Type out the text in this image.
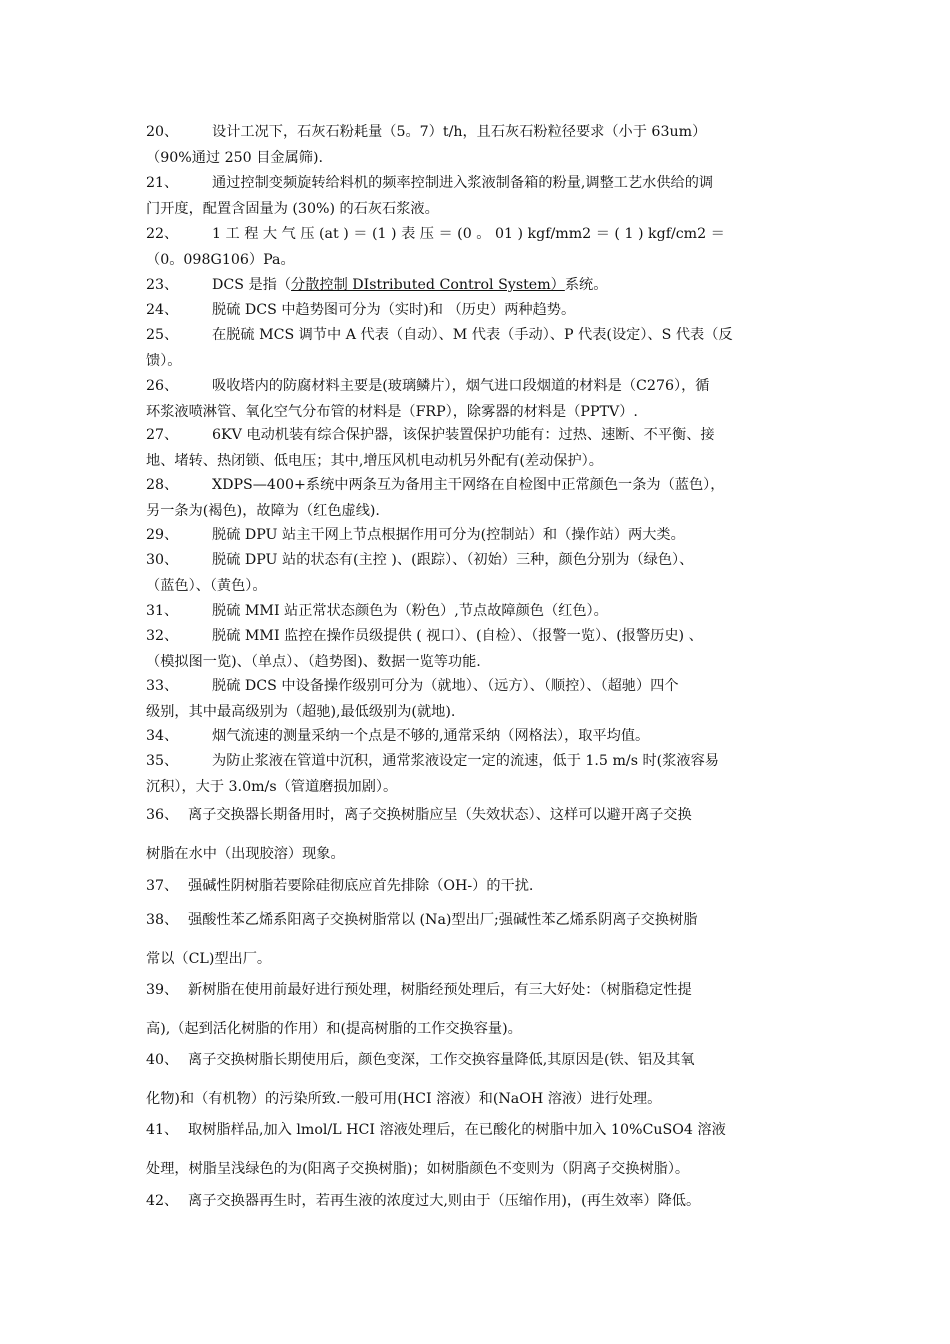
20、 设计工况下，石灰石粉耗量（5。7）t/h，且石灰石粉粒径要求（小于 63um）
（90%通过 250 目金属筛).
21、 通过控制变频旋转给料机的频率控制进入浆液制备箱的粉量,调整工艺水供给的调
门开度，配置含固量为 (30%) 的石灰石浆液。
22、 1 工 程 大 气 压 (at ) ＝ (1 ) 表 压 ＝ (0 。 01 ) kgf/mm2 ＝ ( 1 ) kgf/cm2 ＝
（0。098G106）Pa。
23、 DCS 是指（分散控制 DIstributed Control System）系统。
24、 脱硫 DCS 中趋势图可分为（实时)和 （历史）两种趋势。
25、 在脱硫 MCS 调节中 A 代表（自动）、M 代表（手动）、P 代表(设定）、S 代表（反
馈）。
26、 吸收塔内的防腐材料主要是(玻璃鳞片），烟气进口段烟道的材料是（C276），循
环浆液喷淋管、氧化空气分布管的材料是（FRP），除雾器的材料是（PPTV）.
27、 6KV 电动机装有综合保护器，该保护装置保护功能有：过热、速断、不平衡、接
地、堵转、热闭锁、低电压；其中,增压风机电动机另外配有(差动保护）。
28、 XDPS—400+系统中两条互为备用主干网络在自检图中正常颜色一条为（蓝色），
另一条为(褐色)，故障为（红色虚线).
29、 脱硫 DPU 站主干网上节点根据作用可分为(控制站）和（操作站）两大类。
30、 脱硫 DPU 站的状态有(主控 )、(跟踪）、（初始）三种，颜色分别为（绿色）、
（蓝色）、（黄色）。
31、 脱硫 MMI 站正常状态颜色为（粉色）,节点故障颜色（红色）。
32、 脱硫 MMI 监控在操作员级提供 ( 视口）、(自检）、（报警一览）、(报警历史) 、
（模拟图一览)、（单点）、（趋势图)、数据一览等功能.
33、 脱硫 DCS 中设备操作级别可分为（就地）、（远方）、（顺控）、（超驰）四个
级别，其中最高级别为（超驰),最低级别为(就地).
34、 烟气流速的测量采纳一个点是不够的,通常采纳（网格法），取平均值。
35、 为防止浆液在管道中沉积，通常浆液设定一定的流速，低于 1.5 m/s 时(浆液容易
沉积），大于 3.0m/s（管道磨损加剧）。
36、 离子交换器长期备用时，离子交换树脂应呈（失效状态）、这样可以避开离子交换
树脂在水中（出现胶溶）现象。
37、 强碱性阴树脂若要除硅彻底应首先排除（OH-）的干扰.
38、 强酸性苯乙烯系阳离子交换树脂常以 (Na)型出厂;强碱性苯乙烯系阴离子交换树脂
常以（CL)型出厂。
39、 新树脂在使用前最好进行预处理，树脂经预处理后，有三大好处：（树脂稳定性提
高),（起到活化树脂的作用）和(提高树脂的工作交换容量)。
40、 离子交换树脂长期使用后，颜色变深，工作交换容量降低,其原因是(铁、铝及其氧
化物)和（有机物）的污染所致.一般可用(HCI 溶液）和(NaOH 溶液）进行处理。
41、 取树脂样品,加入 lmol/L HCI 溶液处理后，在已酸化的树脂中加入 10%CuSO4 溶液
处理，树脂呈浅绿色的为(阳离子交换树脂)；如树脂颜色不变则为（阴离子交换树脂）。
42、 离子交换器再生时，若再生液的浓度过大,则由于（压缩作用)，(再生效率）降低。
